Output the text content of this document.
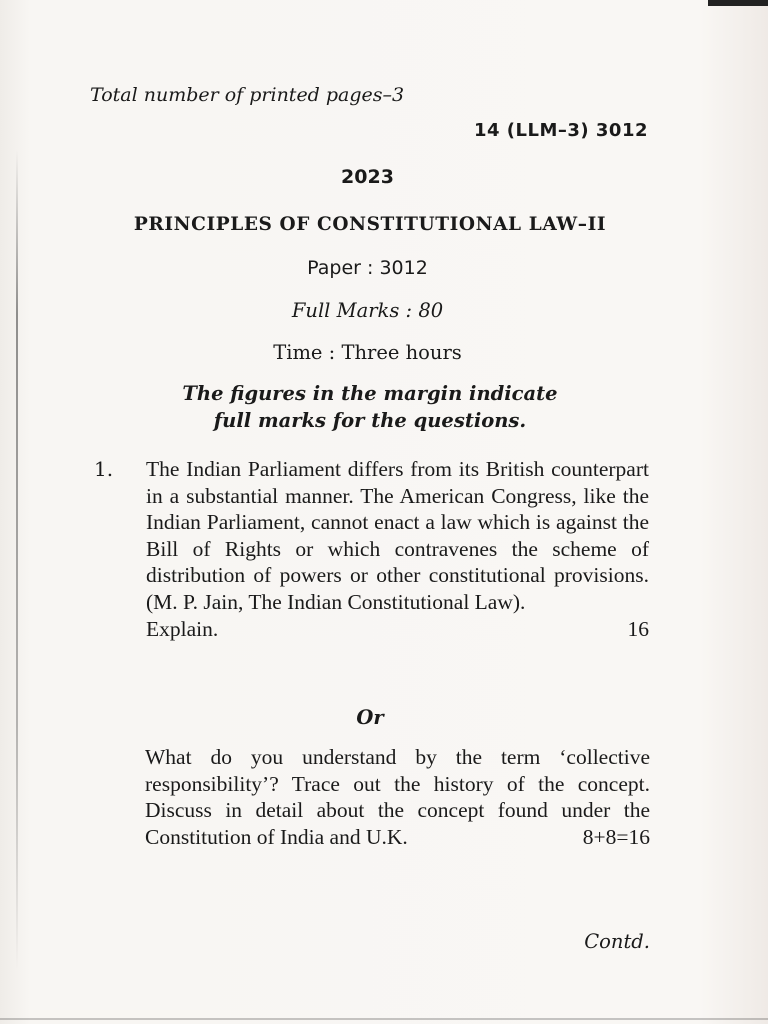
Total number of printed pages–3
14 (LLM–3) 3012
2023
PRINCIPLES OF CONSTITUTIONAL LAW–II
Paper : 3012
Full Marks : 80
Time : Three hours
The figures in the margin indicate
full marks for the questions.
1. The Indian Parliament differs from its British counterpart in a substantial manner. The American Congress, like the Indian Parliament, cannot enact a law which is against the Bill of Rights or which contravenes the scheme of distribution of powers or other constitutional provisions. (M. P. Jain, The Indian Constitutional Law).
Explain.	16
Or
What do you understand by the term ‘collective responsibility’? Trace out the history of the concept. Discuss in detail about the concept found under the Constitution of India and U.K.	8+8=16
Contd.
